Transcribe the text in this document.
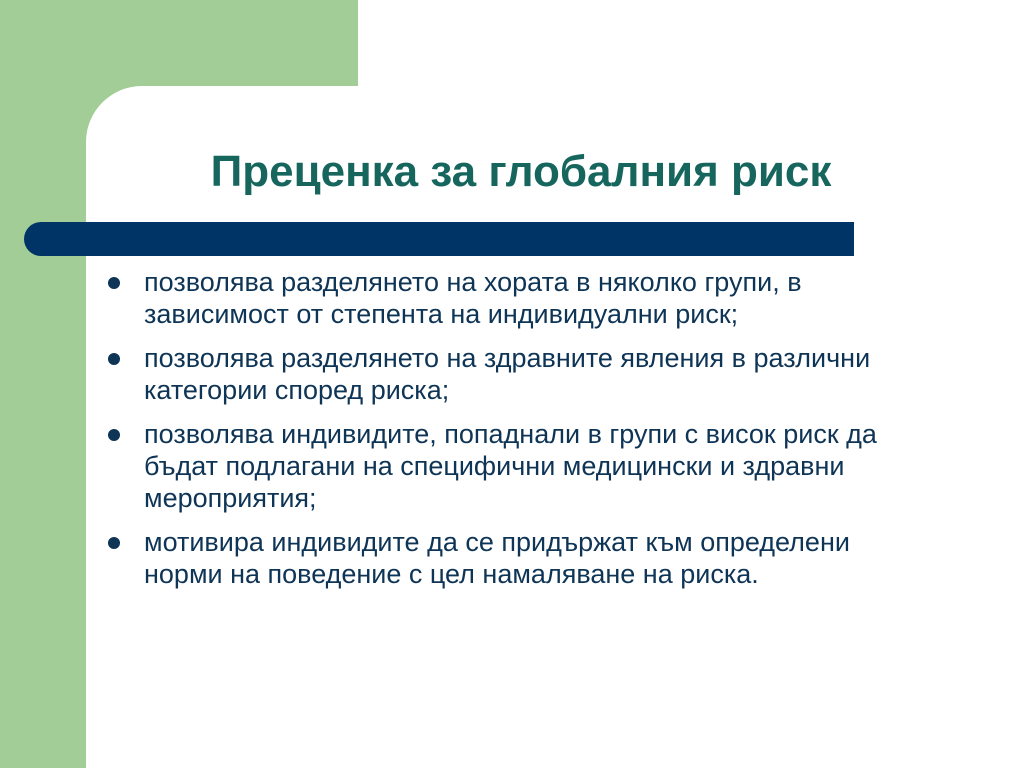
Преценка за глобалния риск
позволява разделянето на хората в няколко групи, в зависимост от степента на индивидуални риск;
позволява разделянето на здравните явления в различни категории според риска;
позволява индивидите, попаднали в групи с висок риск да бъдат подлагани на специфични медицински и здравни мероприятия;
мотивира индивидите да се придържат към определени норми на поведение с цел намаляване на риска.
